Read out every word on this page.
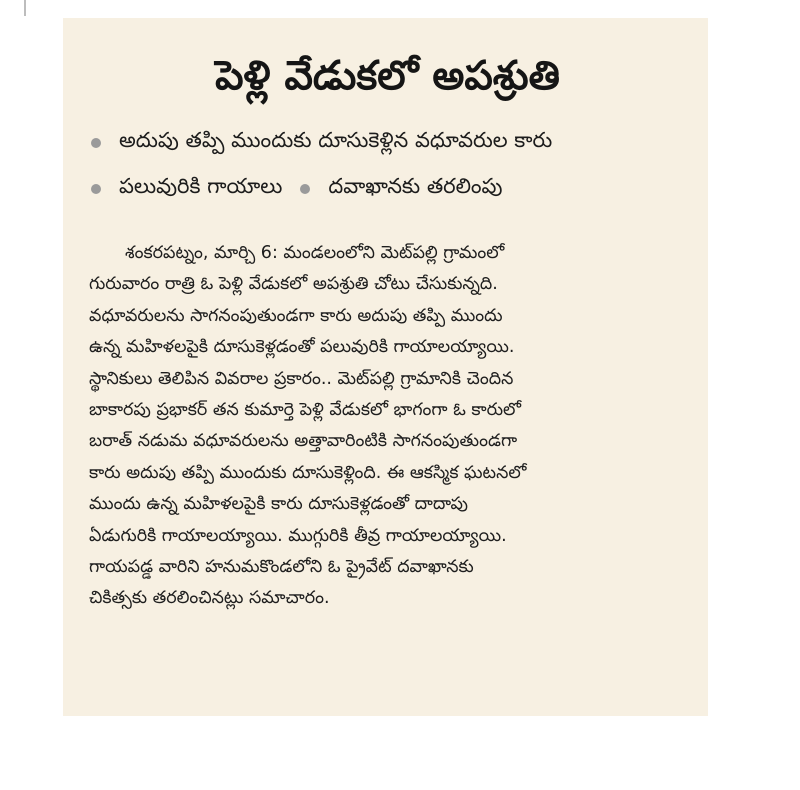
పెళ్లి వేడుకలో అపశ్రుతి
అదుపు తప్పి ముందుకు దూసుకెళ్లిన వధూవరుల కారు
పలువురికి గాయాలు దవాఖానకు తరలింపు
శంకరపట్నం, మార్చి 6: మండలంలోని మెట్‌పల్లి గ్రామంలో
గురువారం రాత్రి ఓ పెళ్లి వేడుకలో అపశ్రుతి చోటు చేసుకున్నది.
వధూవరులను సాగనంపుతుండగా కారు అదుపు తప్పి ముందు
ఉన్న మహిళలపైకి దూసుకెళ్లడంతో పలువురికి గాయాలయ్యాయి.
స్థానికులు తెలిపిన వివరాల ప్రకారం.. మెట్‌పల్లి గ్రామానికి చెందిన
బాకారపు ప్రభాకర్ తన కుమార్తె పెళ్లి వేడుకలో భాగంగా ఓ కారులో
బరాత్ నడుమ వధూవరులను అత్తావారింటికి సాగనంపుతుండగా
కారు అదుపు తప్పి ముందుకు దూసుకెళ్లింది. ఈ ఆకస్మిక ఘటనలో
ముందు ఉన్న మహిళలపైకి కారు దూసుకెళ్లడంతో దాదాపు
ఏడుగురికి గాయాలయ్యాయి. ముగ్గురికి తీవ్ర గాయాలయ్యాయి.
గాయపడ్డ వారిని హనుమకొండలోని ఓ ప్రైవేట్ దవాఖానకు
చికిత్సకు తరలించినట్లు సమాచారం.
